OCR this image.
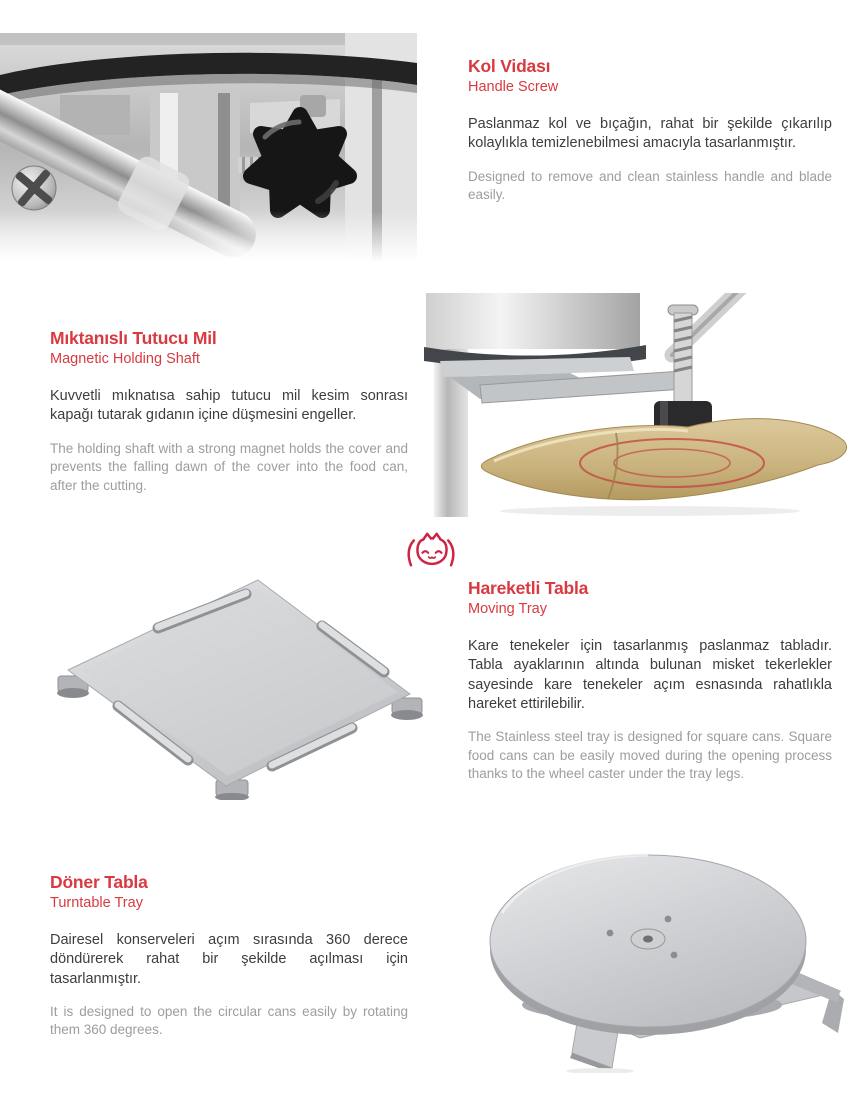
Kol Vidası
Handle Screw

Paslanmaz kol ve bıçağın, rahat bir şekilde çıkarılıp kolaylıkla temizlenebilmesi amacıyla tasarlanmıştır.

Designed to remove and clean stainless handle and blade easily.

Mıktanıslı Tutucu Mil
Magnetic Holding Shaft

Kuvvetli mıknatısa sahip tutucu mil kesim sonrası kapağı tutarak gıdanın içine düşmesini engeller.

The holding shaft with a strong magnet holds the cover and prevents the falling dawn of the cover into the food can, after the cutting.

Hareketli Tabla
Moving Tray

Kare tenekeler için tasarlanmış paslanmaz tabladır. Tabla ayaklarının altında bulunan misket tekerlekler sayesinde kare tenekeler açım esnasında rahatlıkla hareket ettirilebilir.

The Stainless steel tray is designed for square cans. Square food cans can be easily moved during the opening process thanks to the wheel caster under the tray legs.

Döner Tabla
Turntable Tray

Dairesel konserveleri açım sırasında 360 derece döndürerek rahat bir şekilde açılması için tasarlanmıştır.

It is designed to open the circular cans easily by rotating them 360 degrees.
